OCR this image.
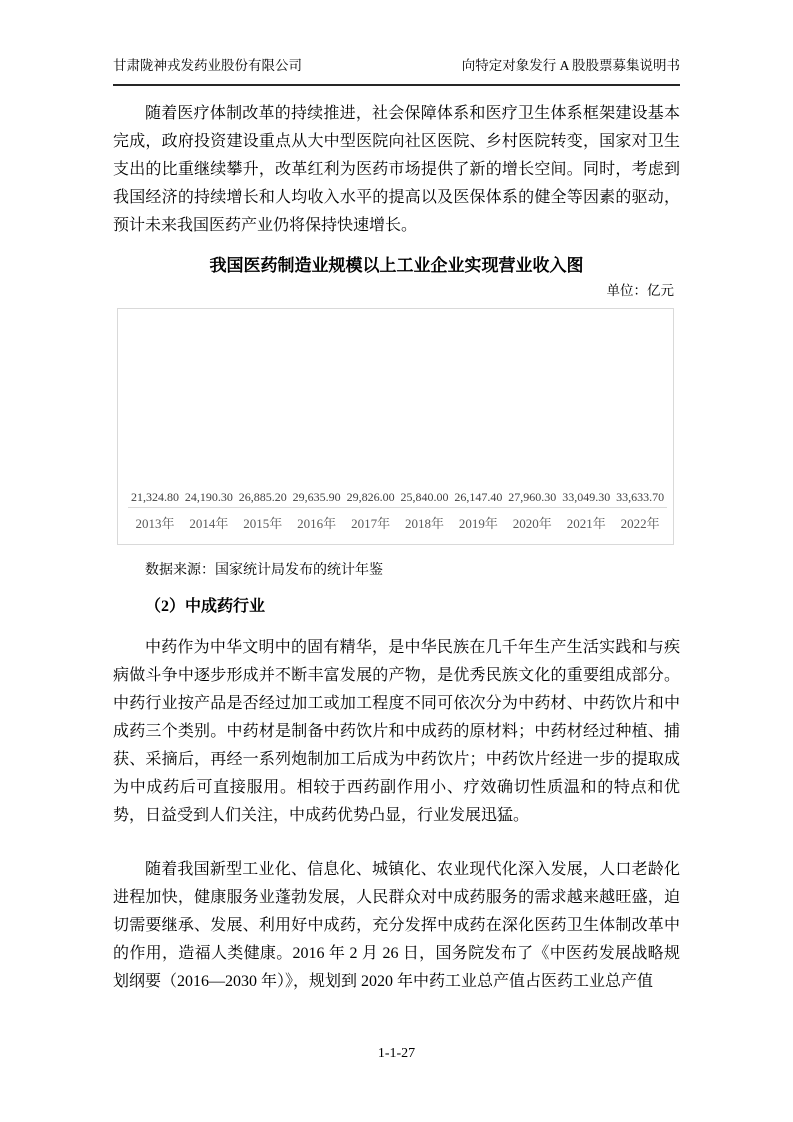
甘肃陇神戎发药业股份有限公司	向特定对象发行 A 股股票募集说明书

随着医疗体制改革的持续推进，社会保障体系和医疗卫生体系框架建设基本完成，政府投资建设重点从大中型医院向社区医院、乡村医院转变，国家对卫生支出的比重继续攀升，改革红利为医药市场提供了新的增长空间。同时，考虑到我国经济的持续增长和人均收入水平的提高以及医保体系的健全等因素的驱动，预计未来我国医药产业仍将保持快速增长。

我国医药制造业规模以上工业企业实现营业收入图
单位：亿元
21,324.80 24,190.30 26,885.20 29,635.90 29,826.00 25,840.00 26,147.40 27,960.30 33,049.30 33,633.70
2013年	2014年	2015年	2016年	2017年	2018年	2019年	2020年	2021年	2022年
数据来源：国家统计局发布的统计年鉴
（2）中成药行业

中药作为中华文明中的固有精华，是中华民族在几千年生产生活实践和与疾病做斗争中逐步形成并不断丰富发展的产物，是优秀民族文化的重要组成部分。中药行业按产品是否经过加工或加工程度不同可依次分为中药材、中药饮片和中成药三个类别。中药材是制备中药饮片和中成药的原材料；中药材经过种植、捕获、采摘后，再经一系列炮制加工后成为中药饮片；中药饮片经进一步的提取成为中成药后可直接服用。相较于西药副作用小、疗效确切性质温和的特点和优势，日益受到人们关注，中成药优势凸显，行业发展迅猛。

随着我国新型工业化、信息化、城镇化、农业现代化深入发展，人口老龄化进程加快，健康服务业蓬勃发展，人民群众对中成药服务的需求越来越旺盛，迫切需要继承、发展、利用好中成药，充分发挥中成药在深化医药卫生体制改革中的作用，造福人类健康。2016 年 2 月 26 日，国务院发布了《中医药发展战略规划纲要（2016—2030 年）》，规划到 2020 年中药工业总产值占医药工业总产值

1-1-27
